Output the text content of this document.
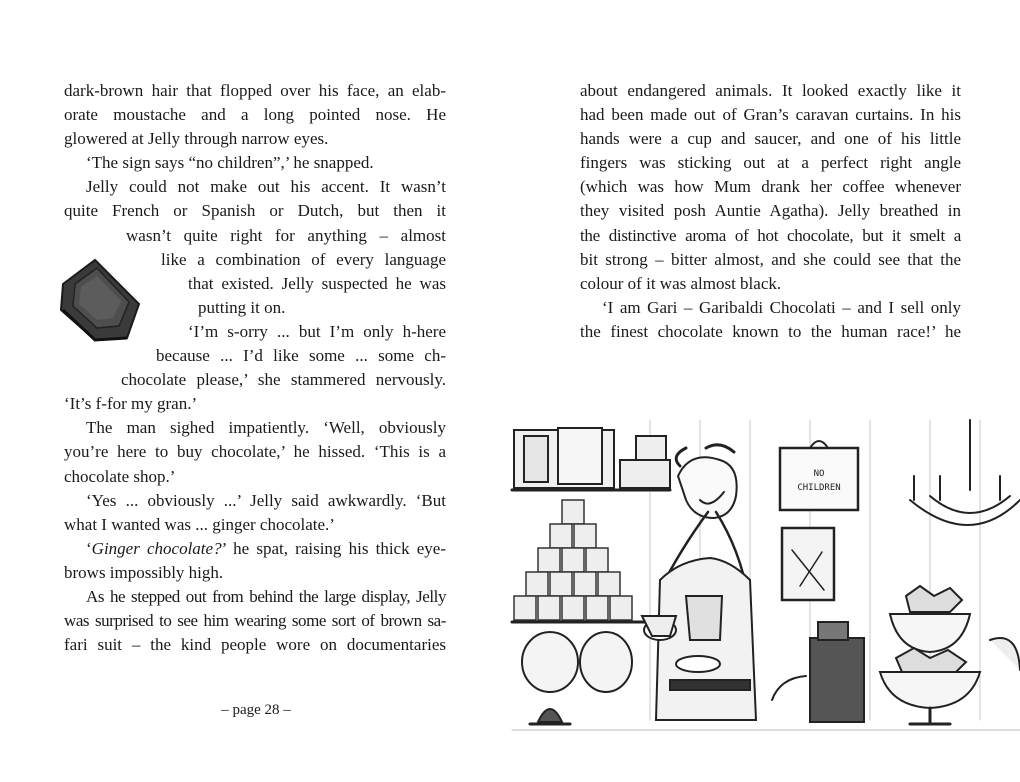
dark-brown hair that flopped over his face, an elab-
orate moustache and a long pointed nose. He
glowered at Jelly through narrow eyes.
‘The sign says “no children”,’ he snapped.
Jelly could not make out his accent. It wasn’t
quite French or Spanish or Dutch, but then it
wasn’t quite right for anything – almost
like a combination of every language
that existed. Jelly suspected he was
putting it on.
‘I’m s-orry ... but I’m only h-here
because ... I’d like some ... some ch-
chocolate please,’ she stammered nervously.
‘It’s f-for my gran.’
The man sighed impatiently. ‘Well, obviously
you’re here to buy chocolate,’ he hissed. ‘This is a
chocolate shop.’
‘Yes ... obviously ...’ Jelly said awkwardly. ‘But
what I wanted was ... ginger chocolate.’
‘Ginger chocolate?’ he spat, raising his thick eye-
brows impossibly high.
As he stepped out from behind the large display, Jelly
was surprised to see him wearing some sort of brown sa-
fari suit – the kind people wore on documentaries
– page 28 –
about endangered animals. It looked exactly like it
had been made out of Gran’s caravan curtains. In his
hands were a cup and saucer, and one of his little
fingers was sticking out at a perfect right angle
(which was how Mum drank her coffee whenever
they visited posh Auntie Agatha). Jelly breathed in
the distinctive aroma of hot chocolate, but it smelt a
bit strong – bitter almost, and she could see that the
colour of it was almost black.
‘I am Gari – Garibaldi Chocolati – and I sell only
the finest chocolate known to the human race!’ he
NO
CHILDREN
